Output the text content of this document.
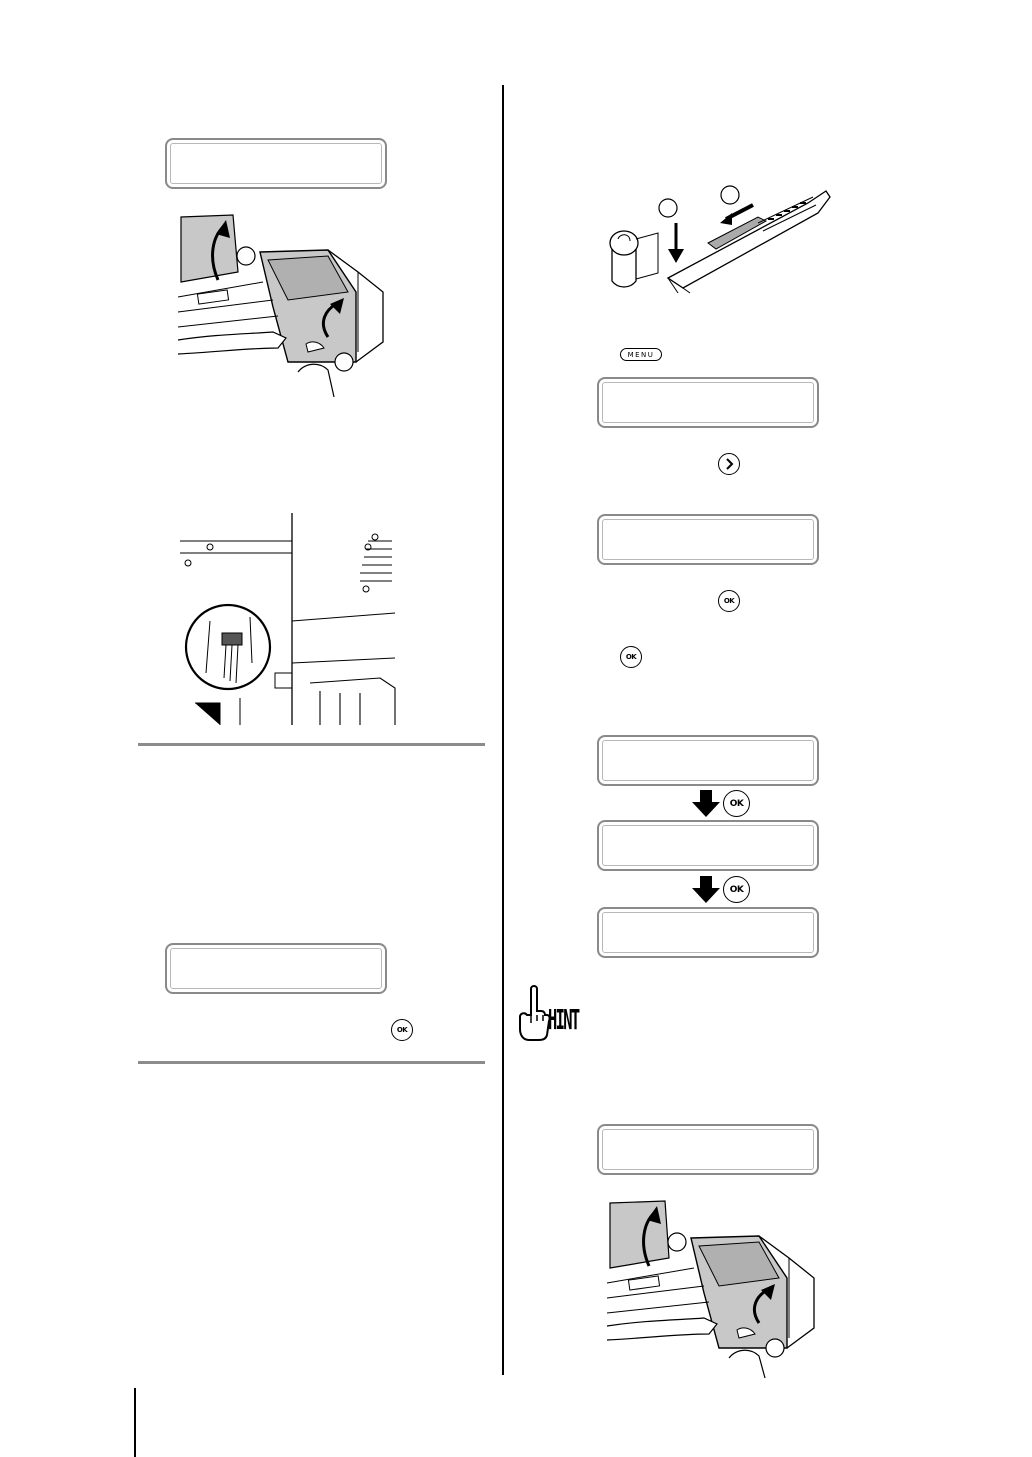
OK
MENU
OK
OK
OK
OK
HINT
